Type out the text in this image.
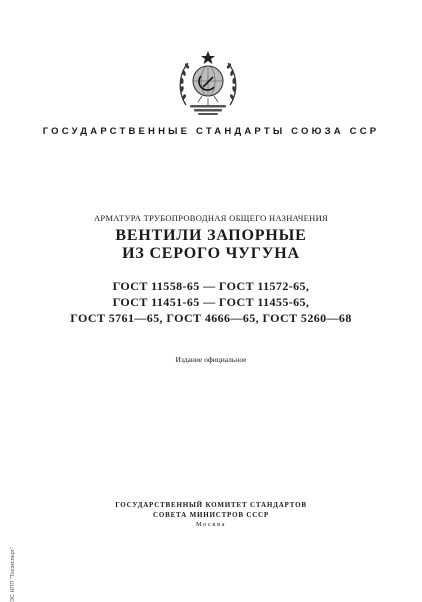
ГОСУДАРСТВЕННЫЕ СТАНДАРТЫ СОЮЗА ССР
АРМАТУРА ТРУБОПРОВОДНАЯ ОБЩЕГО НАЗНАЧЕНИЯ
ВЕНТИЛИ ЗАПОРНЫЕ
ИЗ СЕРОГО ЧУГУНА
ГОСТ 11558-65 — ГОСТ 11572-65,
ГОСТ 11451-65 — ГОСТ 11455-65,
ГОСТ 5761—65, ГОСТ 4666—65, ГОСТ 5260—68
Издание официальное
ГОСУДАРСТВЕННЫЙ КОМИТЕТ СТАНДАРТОВ
СОВЕТА МИНИСТРОВ СССР
Москва
ЭС НПП "Техэксперт"
